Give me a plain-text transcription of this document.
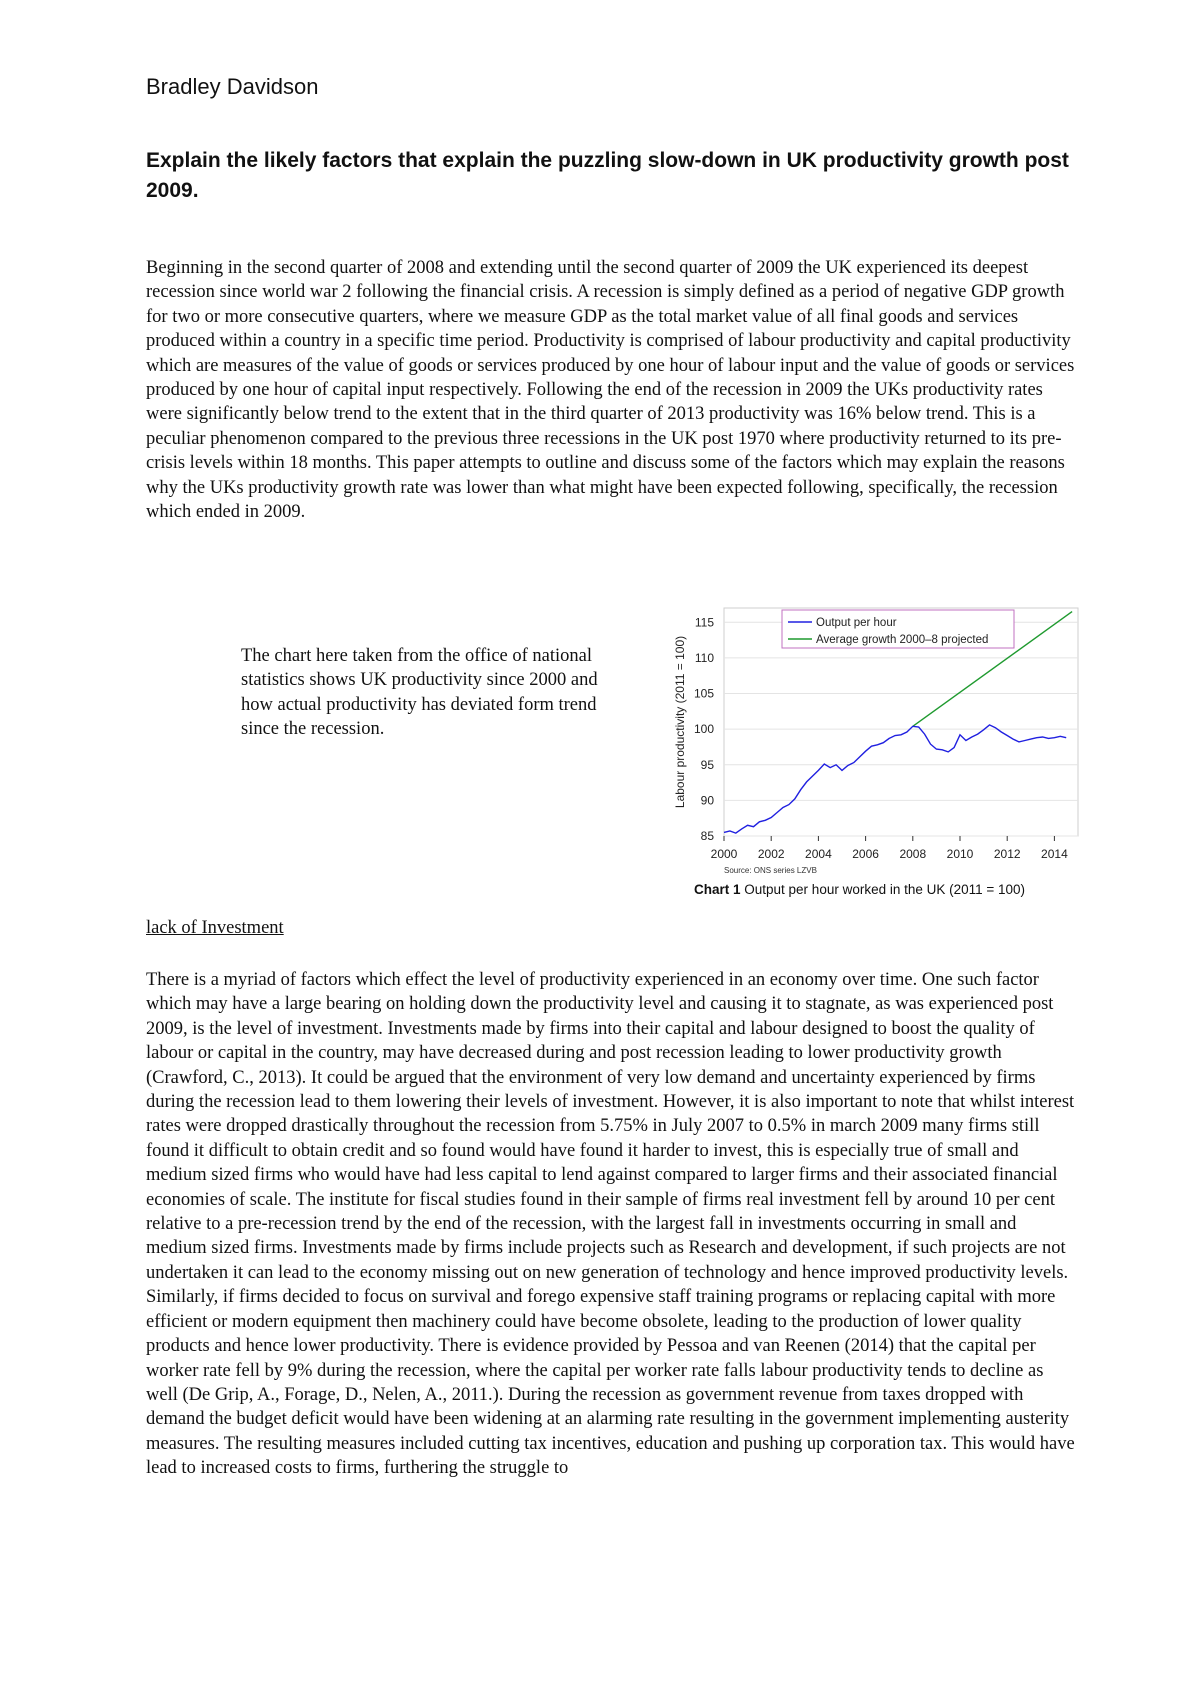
Bradley Davidson
Explain the likely factors that explain the puzzling slow-down in UK productivity growth post 2009.

Beginning in the second quarter of 2008 and extending until the second quarter of 2009 the UK experienced its deepest recession since world war 2 following the financial crisis. A recession is simply defined as a period of negative GDP growth for two or more consecutive quarters, where we measure GDP as the total market value of all final goods and services produced within a country in a specific time period. Productivity is comprised of labour productivity and capital productivity which are measures of the value of goods or services produced by one hour of labour input and the value of goods or services produced by one hour of capital input respectively. Following the end of the recession in 2009 the UKs productivity rates were significantly below trend to the extent that in the third quarter of 2013 productivity was 16% below trend. This is a peculiar phenomenon compared to the previous three recessions in the UK post 1970 where productivity returned to its pre-crisis levels within 18 months. This paper attempts to outline and discuss some of the factors which may explain the reasons why the UKs productivity growth rate was lower than what might have been expected following, specifically, the recession which ended in 2009.

The chart here taken from the office of national statistics shows UK productivity since 2000 and how actual productivity has deviated form trend since the recession.

85
90
95
100
105
110
115
2000 2002 2004 2006 2008 2010 2012 2014
Labour productivity (2011 = 100)
Source: ONS series LZVB
Chart 1 Output per hour worked in the UK (2011 = 100)
Output per hour
Average growth 2000–8 projected

lack of Investment

There is a myriad of factors which effect the level of productivity experienced in an economy over time. One such factor which may have a large bearing on holding down the productivity level and causing it to stagnate, as was experienced post 2009, is the level of investment. Investments made by firms into their capital and labour designed to boost the quality of labour or capital in the country, may have decreased during and post recession leading to lower productivity growth (Crawford, C., 2013). It could be argued that the environment of very low demand and uncertainty experienced by firms during the recession lead to them lowering their levels of investment. However, it is also important to note that whilst interest rates were dropped drastically throughout the recession from 5.75% in July 2007 to 0.5% in march 2009 many firms still found it difficult to obtain credit and so found would have found it harder to invest, this is especially true of small and medium sized firms who would have had less capital to lend against compared to larger firms and their associated financial economies of scale. The institute for fiscal studies found in their sample of firms real investment fell by around 10 per cent relative to a pre-recession trend by the end of the recession, with the largest fall in investments occurring in small and medium sized firms. Investments made by firms include projects such as Research and development, if such projects are not undertaken it can lead to the economy missing out on new generation of technology and hence improved productivity levels. Similarly, if firms decided to focus on survival and forego expensive staff training programs or replacing capital with more efficient or modern equipment then machinery could have become obsolete, leading to the production of lower quality products and hence lower productivity. There is evidence provided by Pessoa and van Reenen (2014) that the capital per worker rate fell by 9% during the recession, where the capital per worker rate falls labour productivity tends to decline as well (De Grip, A., Forage, D., Nelen, A., 2011.). During the recession as government revenue from taxes dropped with demand the budget deficit would have been widening at an alarming rate resulting in the government implementing austerity measures. The resulting measures included cutting tax incentives, education and pushing up corporation tax. This would have lead to increased costs to firms, furthering the struggle to
